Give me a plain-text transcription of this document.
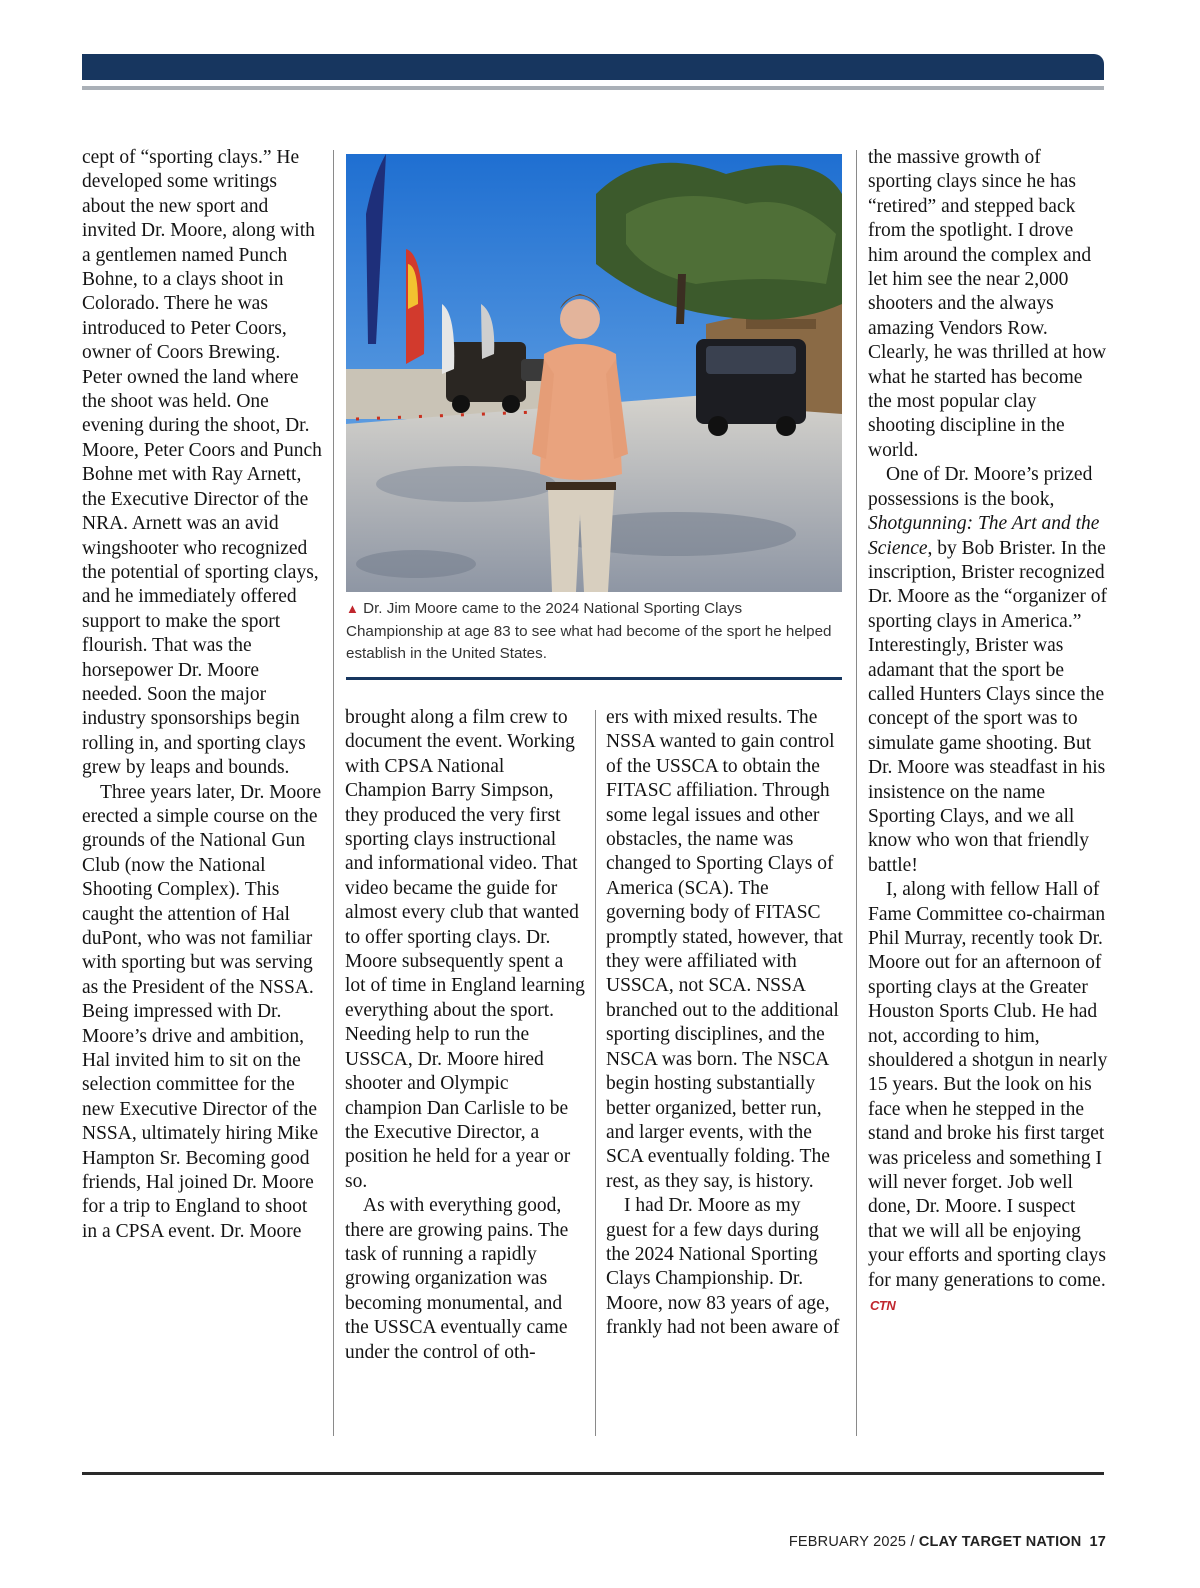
cept of “sporting clays.” He developed some writings about the new sport and invited Dr. Moore, along with a gentlemen named Punch Bohne, to a clays shoot in Colorado. There he was introduced to Peter Coors, owner of Coors Brewing. Peter owned the land where the shoot was held. One evening during the shoot, Dr. Moore, Peter Coors and Punch Bohne met with Ray Arnett, the Executive Director of the NRA. Arnett was an avid wingshooter who recognized the potential of sporting clays, and he immediately offered support to make the sport flourish. That was the horsepower Dr. Moore needed. Soon the major industry sponsorships begin rolling in, and sporting clays grew by leaps and bounds.

Three years later, Dr. Moore erected a simple course on the grounds of the National Gun Club (now the National Shooting Complex). This caught the attention of Hal duPont, who was not familiar with sporting but was serving as the President of the NSSA. Being impressed with Dr. Moore’s drive and ambition, Hal invited him to sit on the selection committee for the new Executive Director of the NSSA, ultimately hiring Mike Hampton Sr. Becoming good friends, Hal joined Dr. Moore for a trip to England to shoot in a CPSA event. Dr. Moore

▲ Dr. Jim Moore came to the 2024 National Sporting Clays Championship at age 83 to see what had become of the sport he helped establish in the United States.

brought along a film crew to document the event. Working with CPSA National Champion Barry Simpson, they produced the very first sporting clays instructional and informational video. That video became the guide for almost every club that wanted to offer sporting clays. Dr. Moore subsequently spent a lot of time in England learning everything about the sport. Needing help to run the USSCA, Dr. Moore hired shooter and Olympic champion Dan Carlisle to be the Executive Director, a position he held for a year or so.

As with everything good, there are growing pains. The task of running a rapidly growing organization was becoming monumental, and the USSCA eventually came under the control of oth-

ers with mixed results. The NSSA wanted to gain control of the USSCA to obtain the FITASC affiliation. Through some legal issues and other obstacles, the name was changed to Sporting Clays of America (SCA). The governing body of FITASC promptly stated, however, that they were affiliated with USSCA, not SCA. NSSA branched out to the additional sporting disciplines, and the NSCA was born. The NSCA begin hosting substantially better organized, better run, and larger events, with the SCA eventually folding. The rest, as they say, is history.

I had Dr. Moore as my guest for a few days during the 2024 National Sporting Clays Championship. Dr. Moore, now 83 years of age, frankly had not been aware of

the massive growth of sporting clays since he has “retired” and stepped back from the spotlight. I drove him around the complex and let him see the near 2,000 shooters and the always amazing Vendors Row. Clearly, he was thrilled at how what he started has become the most popular clay shooting discipline in the world.

One of Dr. Moore’s prized possessions is the book, Shotgunning: The Art and the Science, by Bob Brister. In the inscription, Brister recognized Dr. Moore as the “organizer of sporting clays in America.” Interestingly, Brister was adamant that the sport be called Hunters Clays since the concept of the sport was to simulate game shooting. But Dr. Moore was steadfast in his insistence on the name Sporting Clays, and we all know who won that friendly battle!

I, along with fellow Hall of Fame Committee co-chairman Phil Murray, recently took Dr. Moore out for an afternoon of sporting clays at the Greater Houston Sports Club. He had not, according to him, shouldered a shotgun in nearly 15 years. But the look on his face when he stepped in the stand and broke his first target was priceless and something I will never forget. Job well done, Dr. Moore. I suspect that we will all be enjoying your efforts and sporting clays for many generations to come. CTN

FEBRUARY 2025 / CLAY TARGET NATION 17
